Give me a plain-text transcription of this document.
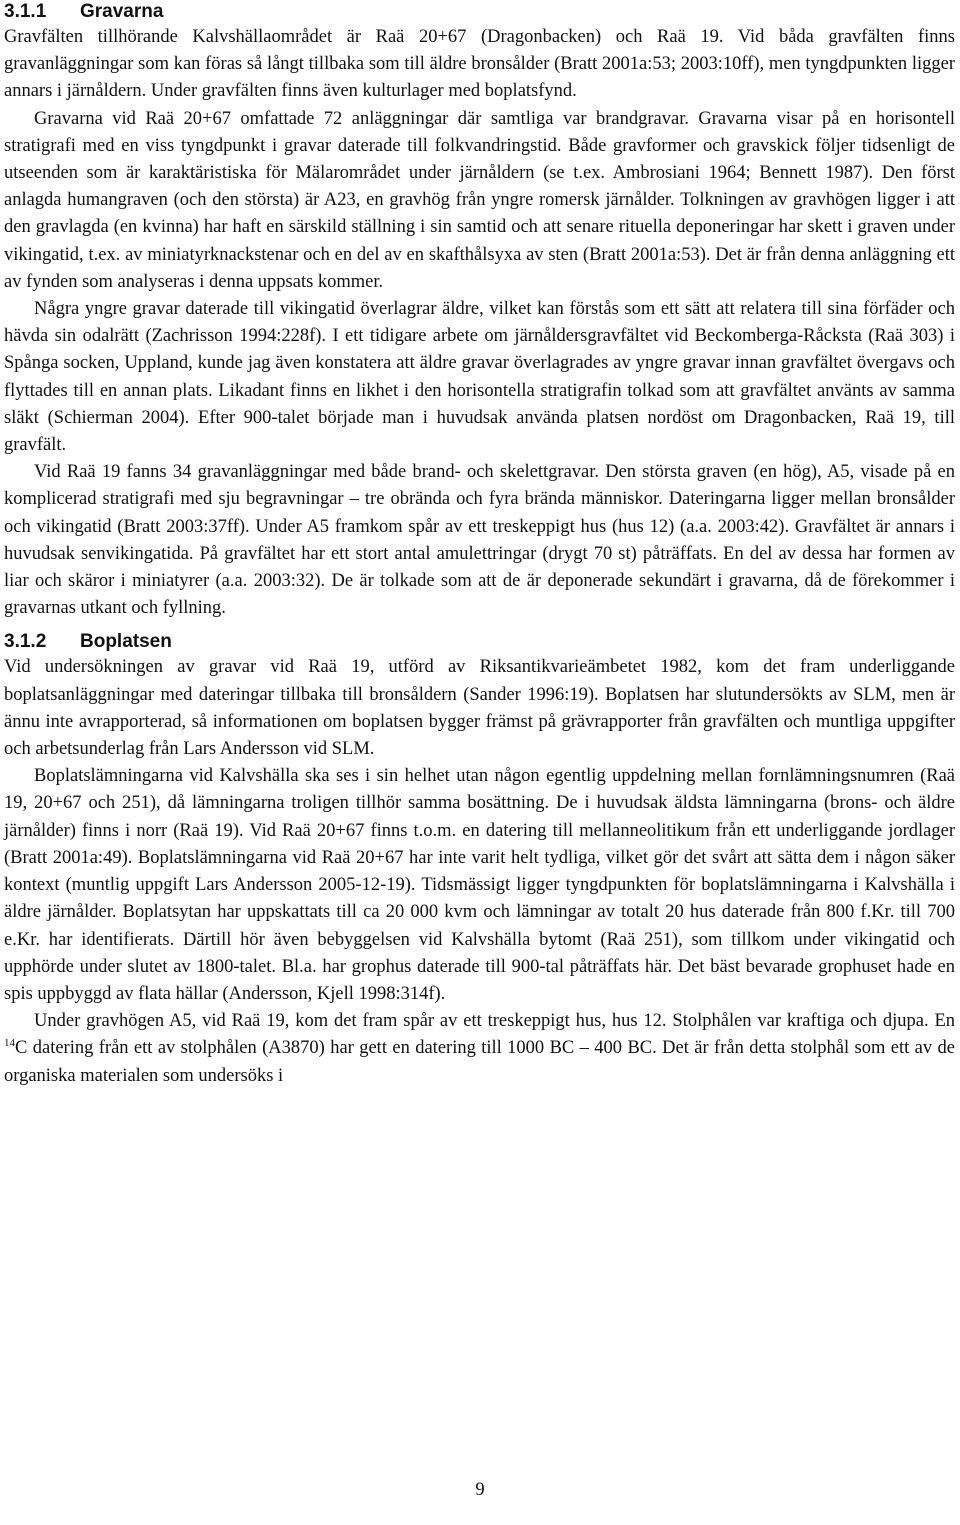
3.1.1 Gravarna

Gravfälten tillhörande Kalvshällaområdet är Raä 20+67 (Dragonbacken) och Raä 19. Vid båda gravfälten finns gravanläggningar som kan föras så långt tillbaka som till äldre bronsålder (Bratt 2001a:53; 2003:10ff), men tyngdpunkten ligger annars i järnåldern. Under gravfälten finns även kulturlager med boplatsfynd.

Gravarna vid Raä 20+67 omfattade 72 anläggningar där samtliga var brandgravar. Gravarna visar på en horisontell stratigrafi med en viss tyngdpunkt i gravar daterade till folkvandringstid. Både gravformer och gravskick följer tidsenligt de utseenden som är karaktäristiska för Mälarområdet under järnåldern (se t.ex. Ambrosiani 1964; Bennett 1987). Den först anlagda humangraven (och den största) är A23, en gravhög från yngre romersk järnålder. Tolkningen av gravhögen ligger i att den gravlagda (en kvinna) har haft en särskild ställning i sin samtid och att senare rituella deponeringar har skett i graven under vikingatid, t.ex. av miniatyrknackstenar och en del av en skafthålsyxa av sten (Bratt 2001a:53). Det är från denna anläggning ett av fynden som analyseras i denna uppsats kommer.

Några yngre gravar daterade till vikingatid överlagrar äldre, vilket kan förstås som ett sätt att relatera till sina förfäder och hävda sin odalrätt (Zachrisson 1994:228f). I ett tidigare arbete om järnåldersgravfältet vid Beckomberga-Råcksta (Raä 303) i Spånga socken, Uppland, kunde jag även konstatera att äldre gravar överlagrades av yngre gravar innan gravfältet övergavs och flyttades till en annan plats. Likadant finns en likhet i den horisontella stratigrafin tolkad som att gravfältet använts av samma släkt (Schierman 2004). Efter 900-talet började man i huvudsak använda platsen nordöst om Dragonbacken, Raä 19, till gravfält.

Vid Raä 19 fanns 34 gravanläggningar med både brand- och skelettgravar. Den största graven (en hög), A5, visade på en komplicerad stratigrafi med sju begravningar – tre obrända och fyra brända människor. Dateringarna ligger mellan bronsålder och vikingatid (Bratt 2003:37ff). Under A5 framkom spår av ett treskeppigt hus (hus 12) (a.a. 2003:42). Gravfältet är annars i huvudsak senvikingatida. På gravfältet har ett stort antal amulettringar (drygt 70 st) påträffats. En del av dessa har formen av liar och skäror i miniatyrer (a.a. 2003:32). De är tolkade som att de är deponerade sekundärt i gravarna, då de förekommer i gravarnas utkant och fyllning.

3.1.2 Boplatsen

Vid undersökningen av gravar vid Raä 19, utförd av Riksantikvarieämbetet 1982, kom det fram underliggande boplatsanläggningar med dateringar tillbaka till bronsåldern (Sander 1996:19). Boplatsen har slutundersökts av SLM, men är ännu inte avrapporterad, så informationen om boplatsen bygger främst på grävrapporter från gravfälten och muntliga uppgifter och arbetsunderlag från Lars Andersson vid SLM.

Boplatslämningarna vid Kalvshälla ska ses i sin helhet utan någon egentlig uppdelning mellan fornlämningsnumren (Raä 19, 20+67 och 251), då lämningarna troligen tillhör samma bosättning. De i huvudsak äldsta lämningarna (brons- och äldre järnålder) finns i norr (Raä 19). Vid Raä 20+67 finns t.o.m. en datering till mellanneolitikum från ett underliggande jordlager (Bratt 2001a:49). Boplatslämningarna vid Raä 20+67 har inte varit helt tydliga, vilket gör det svårt att sätta dem i någon säker kontext (muntlig uppgift Lars Andersson 2005-12-19). Tidsmässigt ligger tyngdpunkten för boplatslämningarna i Kalvshälla i äldre järnålder. Boplatsytan har uppskattats till ca 20 000 kvm och lämningar av totalt 20 hus daterade från 800 f.Kr. till 700 e.Kr. har identifierats. Därtill hör även bebyggelsen vid Kalvshälla bytomt (Raä 251), som tillkom under vikingatid och upphörde under slutet av 1800-talet. Bl.a. har grophus daterade till 900-tal påträffats här. Det bäst bevarade grophuset hade en spis uppbyggd av flata hällar (Andersson, Kjell 1998:314f).

Under gravhögen A5, vid Raä 19, kom det fram spår av ett treskeppigt hus, hus 12. Stolphålen var kraftiga och djupa. En $^{14}$C datering från ett av stolphålen (A3870) har gett en datering till 1000 BC – 400 BC. Det är från detta stolphål som ett av de organiska materialen som undersöks i

9
